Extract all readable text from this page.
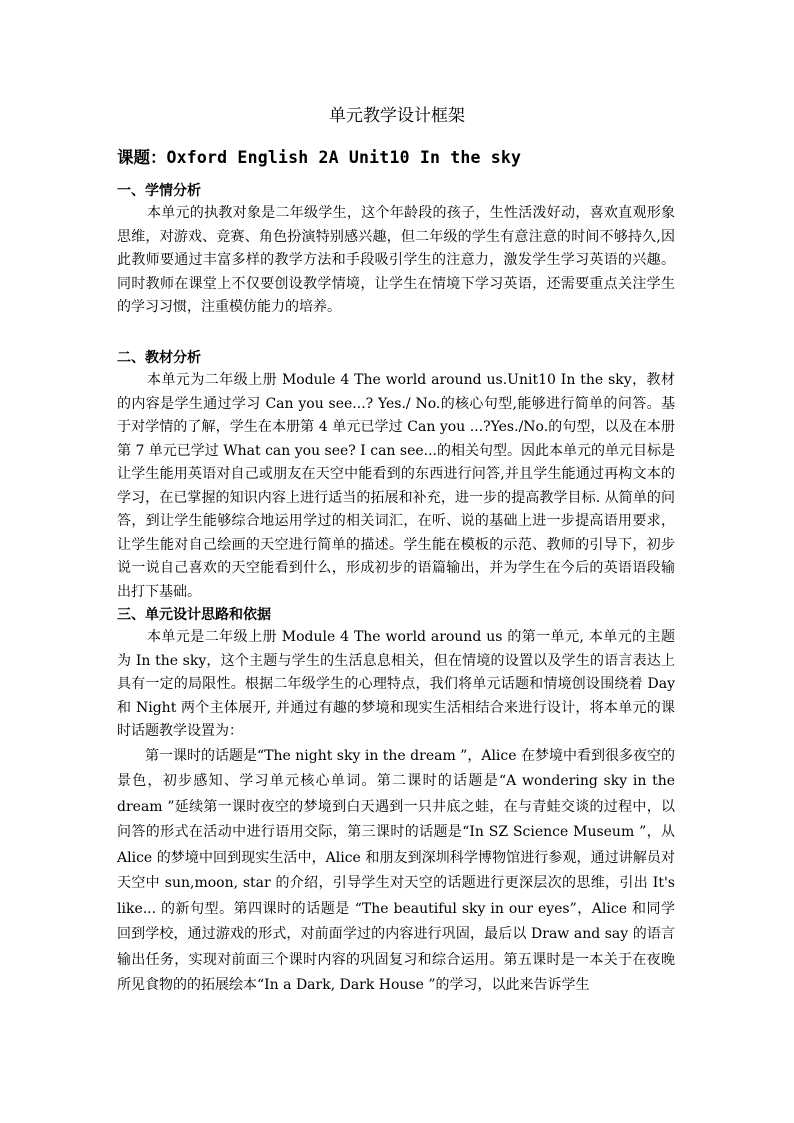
单元教学设计框架
课题：Oxford English 2A Unit10 In the sky
一、学情分析

本单元的执教对象是二年级学生，这个年龄段的孩子，生性活泼好动，喜欢直观形象思维，对游戏、竞赛、角色扮演特别感兴趣，但二年级的学生有意注意的时间不够持久,因此教师要通过丰富多样的教学方法和手段吸引学生的注意力，激发学生学习英语的兴趣。同时教师在课堂上不仅要创设教学情境，让学生在情境下学习英语，还需要重点关注学生的学习习惯，注重模仿能力的培养。

二、教材分析

本单元为二年级上册 Module 4 The world around us.Unit10 In the sky，教材的内容是学生通过学习 Can you see...? Yes./ No.的核心句型,能够进行简单的问答。基于对学情的了解，学生在本册第 4 单元已学过 Can you ...?Yes./No.的句型，以及在本册第 7 单元已学过 What can you see? I can see...的相关句型。因此本单元的单元目标是让学生能用英语对自己或朋友在天空中能看到的东西进行问答,并且学生能通过再构文本的学习，在已掌握的知识内容上进行适当的拓展和补充，进一步的提高教学目标. 从简单的问答，到让学生能够综合地运用学过的相关词汇，在听、说的基础上进一步提高语用要求，让学生能对自己绘画的天空进行简单的描述。学生能在模板的示范、教师的引导下，初步说一说自己喜欢的天空能看到什么，形成初步的语篇输出，并为学生在今后的英语语段输出打下基础。

三、单元设计思路和依据

本单元是二年级上册 Module 4 The world around us 的第一单元, 本单元的主题为 In the sky，这个主题与学生的生活息息相关，但在情境的设置以及学生的语言表达上具有一定的局限性。根据二年级学生的心理特点，我们将单元话题和情境创设围绕着 Day 和 Night 两个主体展开, 并通过有趣的梦境和现实生活相结合来进行设计，将本单元的课时话题教学设置为：

第一课时的话题是“The night sky in the dream ”，Alice 在梦境中看到很多夜空的景色，初步感知、学习单元核心单词。第二课时的话题是“A wondering sky in the dream ”延续第一课时夜空的梦境到白天遇到一只井底之蛙，在与青蛙交谈的过程中，以问答的形式在活动中进行语用交际，第三课时的话题是“In SZ Science Museum ”，从 Alice 的梦境中回到现实生活中，Alice 和朋友到深圳科学博物馆进行参观，通过讲解员对天空中 sun,moon, star 的介绍，引导学生对天空的话题进行更深层次的思维，引出 It's like... 的新句型。第四课时的话题是 “The beautiful sky in our eyes”，Alice 和同学回到学校，通过游戏的形式，对前面学过的内容进行巩固，最后以 Draw and say 的语言输出任务，实现对前面三个课时内容的巩固复习和综合运用。第五课时是一本关于在夜晚所见食物的的拓展绘本“In a Dark, Dark House ”的学习，以此来告诉学生
